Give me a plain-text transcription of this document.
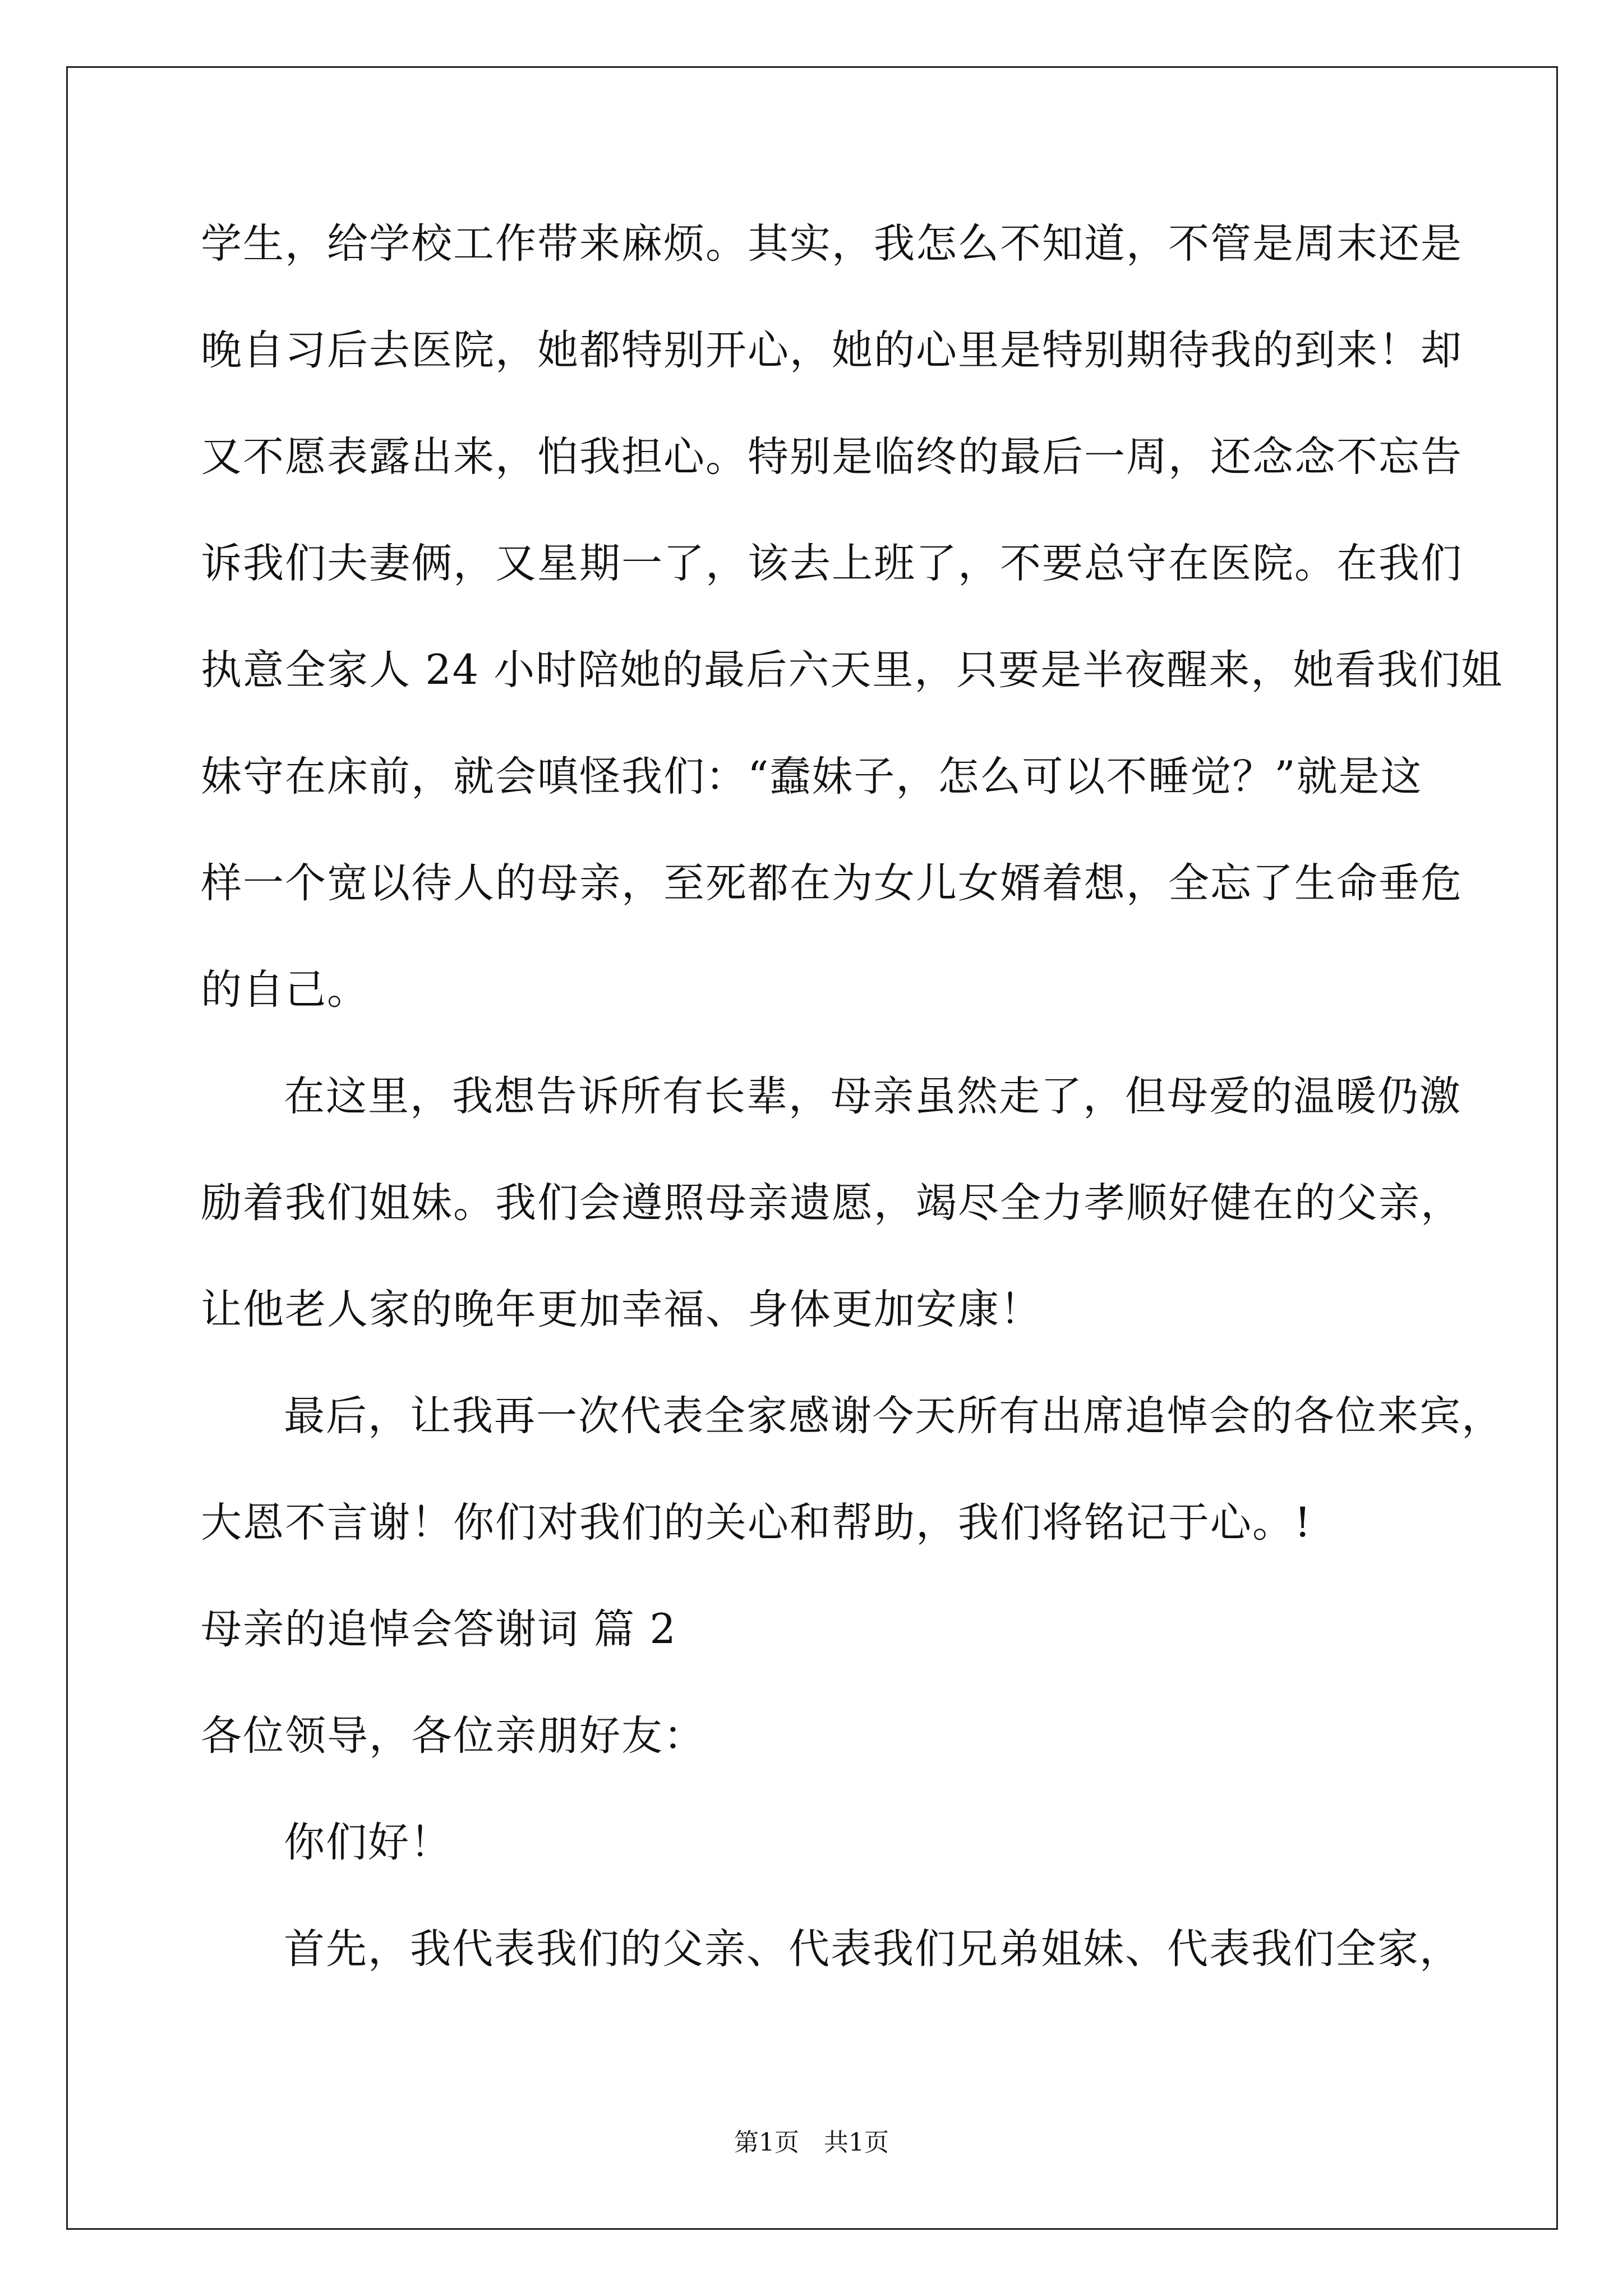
学生，给学校工作带来麻烦。其实，我怎么不知道，不管是周末还是
晚自习后去医院，她都特别开心，她的心里是特别期待我的到来！却
又不愿表露出来，怕我担心。特别是临终的最后一周，还念念不忘告
诉我们夫妻俩，又星期一了，该去上班了，不要总守在医院。在我们
执意全家人 24 小时陪她的最后六天里，只要是半夜醒来，她看我们姐
妹守在床前，就会嗔怪我们：“蠢妹子，怎么可以不睡觉？”就是这
样一个宽以待人的母亲，至死都在为女儿女婿着想，全忘了生命垂危
的自己。
在这里，我想告诉所有长辈，母亲虽然走了，但母爱的温暖仍激
励着我们姐妹。我们会遵照母亲遗愿，竭尽全力孝顺好健在的父亲，
让他老人家的晚年更加幸福、身体更加安康！
最后，让我再一次代表全家感谢今天所有出席追悼会的各位来宾，
大恩不言谢！你们对我们的关心和帮助，我们将铭记于心。!
母亲的追悼会答谢词 篇 2
各位领导，各位亲朋好友：
你们好！
首先，我代表我们的父亲、代表我们兄弟姐妹、代表我们全家，
第1页　共1页
